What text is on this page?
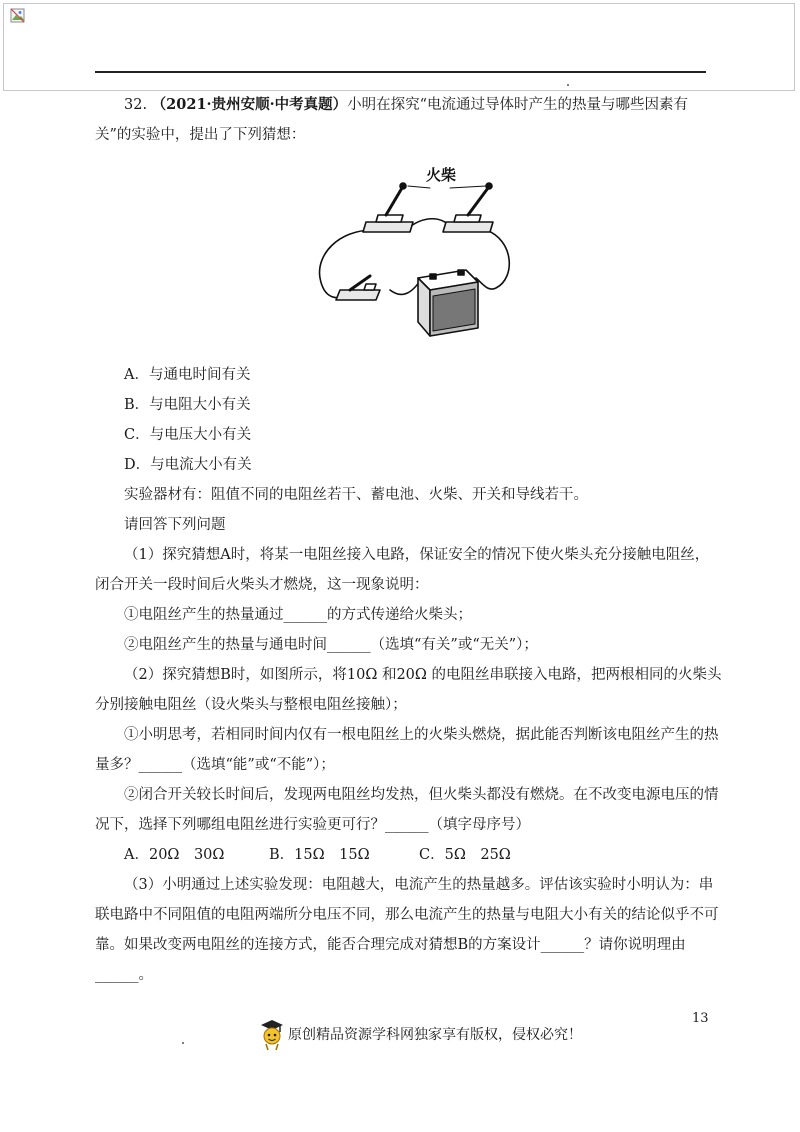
32. （2021·贵州安顺·中考真题）小明在探究“电流通过导体时产生的热量与哪些因素有
关”的实验中，提出了下列猜想：
A．与通电时间有关
B．与电阻大小有关
C．与电压大小有关
D．与电流大小有关
实验器材有：阻值不同的电阻丝若干、蓄电池、火柴、开关和导线若干。
请回答下列问题
（1）探究猜想A时，将某一电阻丝接入电路，保证安全的情况下使火柴头充分接触电阻丝，
闭合开关一段时间后火柴头才燃烧，这一现象说明：
①电阻丝产生的热量通过______的方式传递给火柴头；
②电阻丝产生的热量与通电时间______（选填“有关”或“无关”）；
（2）探究猜想B时，如图所示，将10Ω 和20Ω 的电阻丝串联接入电路，把两根相同的火柴头
分别接触电阻丝（设火柴头与整根电阻丝接触）；
①小明思考，若相同时间内仅有一根电阻丝上的火柴头燃烧，据此能否判断该电阻丝产生的热
量多？______（选填“能”或“不能”）；
②闭合开关较长时间后，发现两电阻丝均发热，但火柴头都没有燃烧。在不改变电源电压的情
况下，选择下列哪组电阻丝进行实验更可行？______（填字母序号）
A．20Ω　30Ω	B．15Ω　15Ω	C．5Ω　25Ω
（3）小明通过上述实验发现：电阻越大，电流产生的热量越多。评估该实验时小明认为：串
联电路中不同阻值的电阻两端所分电压不同，那么电流产生的热量与电阻大小有关的结论似乎不可
靠。如果改变两电阻丝的连接方式，能否合理完成对猜想B的方案设计______？请你说明理由
______。
火柴
13
原创精品资源学科网独家享有版权，侵权必究！
